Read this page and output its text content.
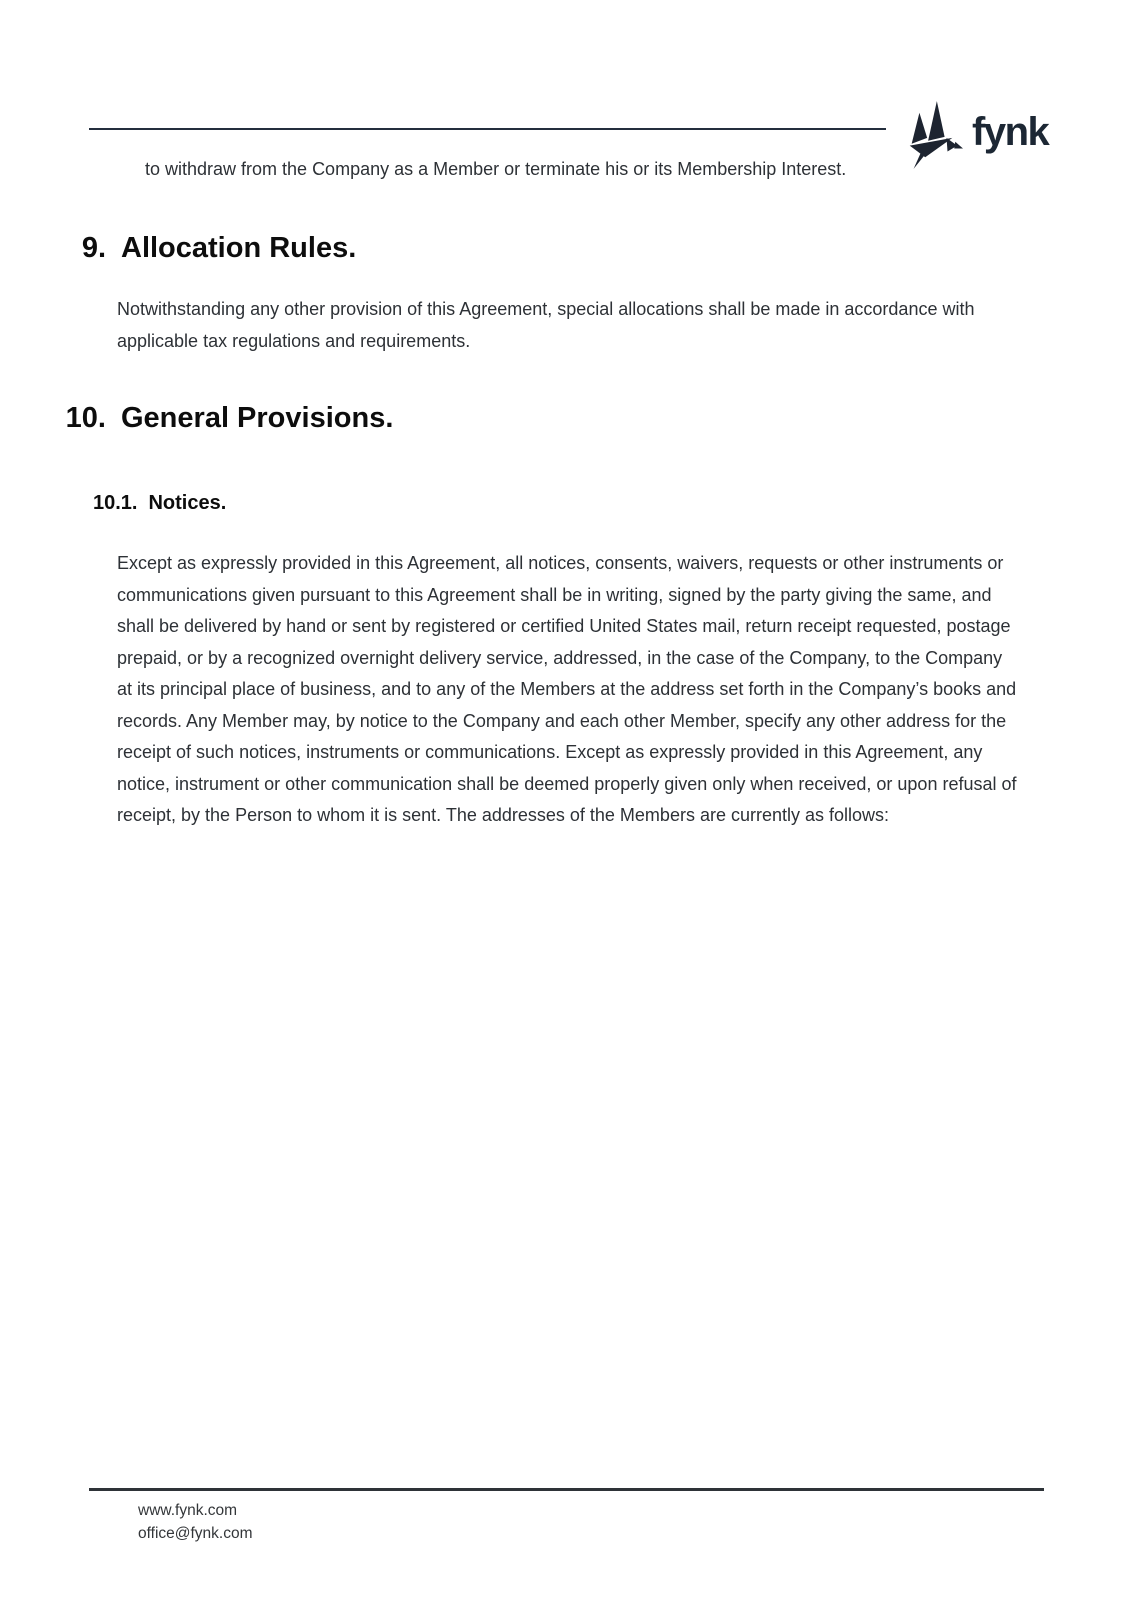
fynk
to withdraw from the Company as a Member or terminate his or its Membership Interest.
9. Allocation Rules.
Notwithstanding any other provision of this Agreement, special allocations shall be made in accordance with applicable tax regulations and requirements.
10. General Provisions.
10.1. Notices.
Except as expressly provided in this Agreement, all notices, consents, waivers, requests or other instruments or communications given pursuant to this Agreement shall be in writing, signed by the party giving the same, and shall be delivered by hand or sent by registered or certified United States mail, return receipt requested, postage prepaid, or by a recognized overnight delivery service, addressed, in the case of the Company, to the Company at its principal place of business, and to any of the Members at the address set forth in the Company’s books and records. Any Member may, by notice to the Company and each other Member, specify any other address for the receipt of such notices, instruments or communications. Except as expressly provided in this Agreement, any notice, instrument or other communication shall be deemed properly given only when received, or upon refusal of receipt, by the Person to whom it is sent. The addresses of the Members are currently as follows:
www.fynk.com
office@fynk.com
